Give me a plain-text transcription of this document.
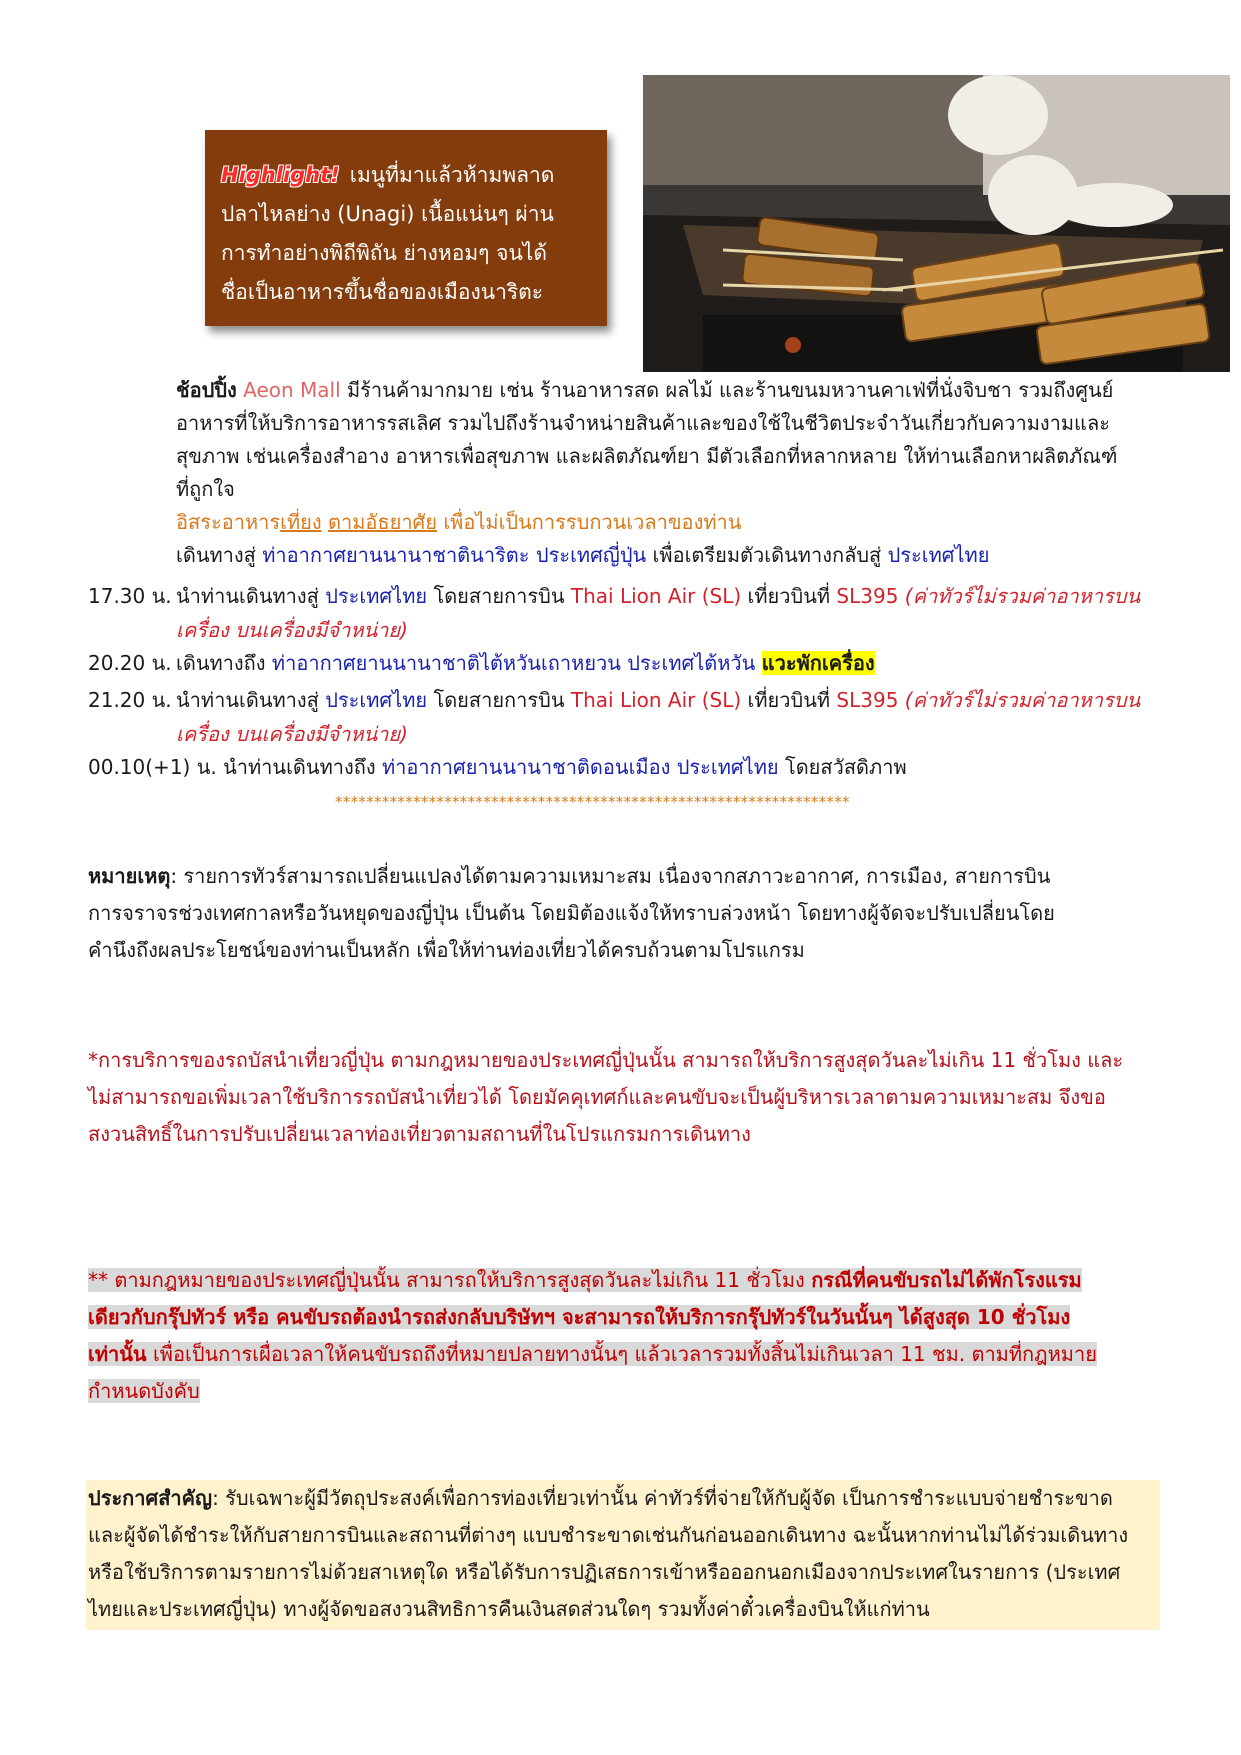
Highlight! เมนูที่มาแล้วห้ามพลาด
ปลาไหลย่าง (Unagi) เนื้อแน่นๆ ผ่าน
การทำอย่างพิถีพิถัน ย่างหอมๆ จนได้
ชื่อเป็นอาหารขึ้นชื่อของเมืองนาริตะ
ช้อปปิ้ง Aeon Mall มีร้านค้ามากมาย เช่น ร้านอาหารสด ผลไม้ และร้านขนมหวานคาเฟ่ที่นั่งจิบชา รวมถึงศูนย์
อาหารที่ให้บริการอาหารรสเลิศ รวมไปถึงร้านจำหน่ายสินค้าและของใช้ในชีวิตประจำวันเกี่ยวกับความงามและ
สุขภาพ เช่นเครื่องสำอาง อาหารเพื่อสุขภาพ และผลิตภัณฑ์ยา มีตัวเลือกที่หลากหลาย ให้ท่านเลือกหาผลิตภัณฑ์
ที่ถูกใจ
อิสระอาหารเที่ยง ตามอัธยาศัย เพื่อไม่เป็นการรบกวนเวลาของท่าน
เดินทางสู่ ท่าอากาศยานนานาชาตินาริตะ ประเทศญี่ปุ่น เพื่อเตรียมตัวเดินทางกลับสู่ ประเทศไทย
17.30 น. นำท่านเดินทางสู่ ประเทศไทย โดยสายการบิน Thai Lion Air (SL) เที่ยวบินที่ SL395 (ค่าทัวร์ไม่รวมค่าอาหารบน
เครื่อง บนเครื่องมีจำหน่าย)
20.20 น. เดินทางถึง ท่าอากาศยานนานาชาติไต้หวันเถาหยวน ประเทศไต้หวัน แวะพักเครื่อง
21.20 น. นำท่านเดินทางสู่ ประเทศไทย โดยสายการบิน Thai Lion Air (SL) เที่ยวบินที่ SL395 (ค่าทัวร์ไม่รวมค่าอาหารบน
เครื่อง บนเครื่องมีจำหน่าย)
00.10(+1) น. นำท่านเดินทางถึง ท่าอากาศยานนานาชาติดอนเมือง ประเทศไทย โดยสวัสดิภาพ
******************************************************************
หมายเหตุ: รายการทัวร์สามารถเปลี่ยนแปลงได้ตามความเหมาะสม เนื่องจากสภาวะอากาศ, การเมือง, สายการบิน
การจราจรช่วงเทศกาลหรือวันหยุดของญี่ปุ่น เป็นต้น โดยมิต้องแจ้งให้ทราบล่วงหน้า โดยทางผู้จัดจะปรับเปลี่ยนโดย
คำนึงถึงผลประโยชน์ของท่านเป็นหลัก เพื่อให้ท่านท่องเที่ยวได้ครบถ้วนตามโปรแกรม
*การบริการของรถบัสนำเที่ยวญี่ปุ่น ตามกฎหมายของประเทศญี่ปุ่นนั้น สามารถให้บริการสูงสุดวันละไม่เกิน 11 ชั่วโมง และ
ไม่สามารถขอเพิ่มเวลาใช้บริการรถบัสนำเที่ยวได้ โดยมัคคุเทศก์และคนขับจะเป็นผู้บริหารเวลาตามความเหมาะสม จึงขอ
สงวนสิทธิ์ในการปรับเปลี่ยนเวลาท่องเที่ยวตามสถานที่ในโปรแกรมการเดินทาง
** ตามกฎหมายของประเทศญี่ปุ่นนั้น สามารถให้บริการสูงสุดวันละไม่เกิน 11 ชั่วโมง กรณีที่คนขับรถไม่ได้พักโรงแรม
เดียวกับกรุ๊ปทัวร์ หรือ คนขับรถต้องนำรถส่งกลับบริษัทฯ จะสามารถให้บริการกรุ๊ปทัวร์ในวันนั้นๆ ได้สูงสุด 10 ชั่วโมง
เท่านั้น เพื่อเป็นการเผื่อเวลาให้คนขับรถถึงที่หมายปลายทางนั้นๆ แล้วเวลารวมทั้งสิ้นไม่เกินเวลา 11 ชม. ตามที่กฎหมาย
กำหนดบังคับ
ประกาศสำคัญ: รับเฉพาะผู้มีวัตถุประสงค์เพื่อการท่องเที่ยวเท่านั้น ค่าทัวร์ที่จ่ายให้กับผู้จัด เป็นการชำระแบบจ่ายชำระขาด
และผู้จัดได้ชำระให้กับสายการบินและสถานที่ต่างๆ แบบชำระขาดเช่นกันก่อนออกเดินทาง ฉะนั้นหากท่านไม่ได้ร่วมเดินทาง
หรือใช้บริการตามรายการไม่ด้วยสาเหตุใด หรือได้รับการปฏิเสธการเข้าหรือออกนอกเมืองจากประเทศในรายการ (ประเทศ
ไทยและประเทศญี่ปุ่น) ทางผู้จัดขอสงวนสิทธิการคืนเงินสดส่วนใดๆ รวมทั้งค่าตั๋วเครื่องบินให้แก่ท่าน
